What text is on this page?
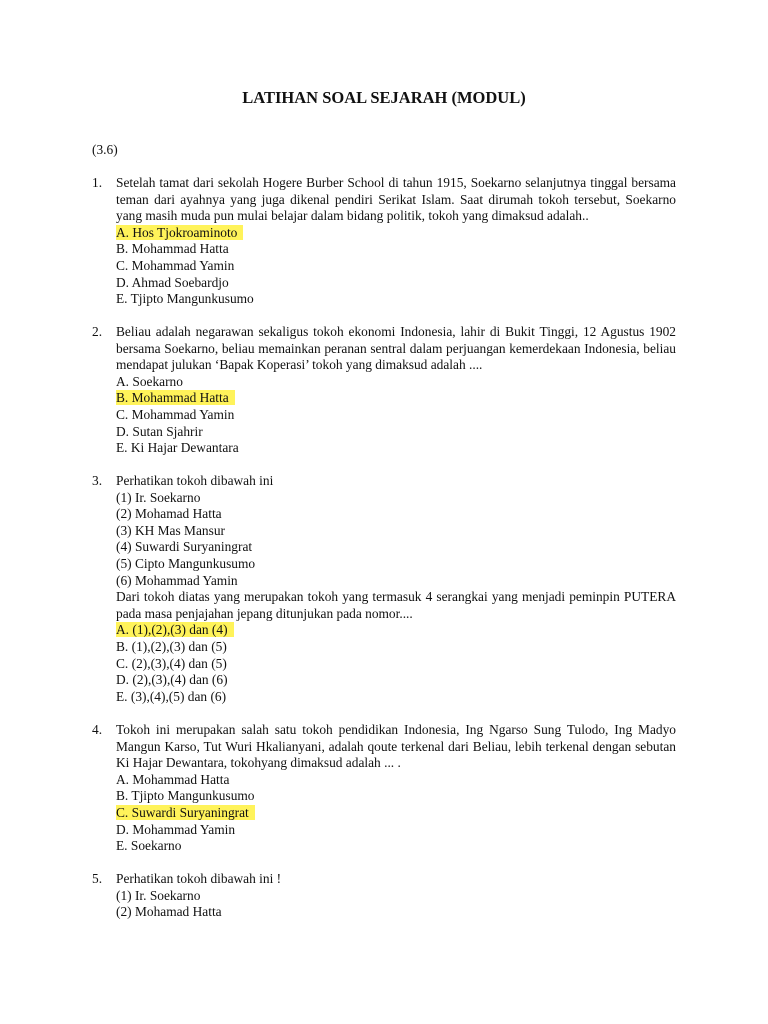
LATIHAN SOAL SEJARAH (MODUL)
(3.6)
1.	Setelah tamat dari sekolah Hogere Burber School di tahun 1915, Soekarno selanjutnya tinggal bersama teman dari ayahnya yang juga dikenal pendiri Serikat Islam. Saat dirumah tokoh tersebut, Soekarno yang masih muda pun mulai belajar dalam bidang politik, tokoh yang dimaksud adalah..
A. Hos Tjokroaminoto
B. Mohammad Hatta
C. Mohammad Yamin
D. Ahmad Soebardjo
E. Tjipto Mangunkusumo
2.	Beliau adalah negarawan sekaligus tokoh ekonomi Indonesia, lahir di Bukit Tinggi, 12 Agustus 1902 bersama Soekarno, beliau memainkan peranan sentral dalam perjuangan kemerdekaan Indonesia, beliau mendapat julukan ‘Bapak Koperasi’ tokoh yang dimaksud adalah ....
A. Soekarno
B. Mohammad Hatta
C. Mohammad Yamin
D. Sutan Sjahrir
E. Ki Hajar Dewantara
3.	Perhatikan tokoh dibawah ini
(1) Ir. Soekarno
(2) Mohamad Hatta
(3) KH Mas Mansur
(4) Suwardi Suryaningrat
(5) Cipto Mangunkusumo
(6) Mohammad Yamin
Dari tokoh diatas yang merupakan tokoh yang termasuk 4 serangkai yang menjadi peminpin PUTERA pada masa penjajahan jepang ditunjukan pada nomor....
A. (1),(2),(3) dan (4)
B. (1),(2),(3) dan (5)
C. (2),(3),(4) dan (5)
D. (2),(3),(4) dan (6)
E. (3),(4),(5) dan (6)
4.	Tokoh ini merupakan salah satu tokoh pendidikan Indonesia, Ing Ngarso Sung Tulodo, Ing Madyo Mangun Karso, Tut Wuri Hkalianyani, adalah qoute terkenal dari Beliau, lebih terkenal dengan sebutan Ki Hajar Dewantara, tokohyang dimaksud adalah ... .
A. Mohammad Hatta
B. Tjipto Mangunkusumo
C. Suwardi Suryaningrat
D. Mohammad Yamin
E. Soekarno
5.	Perhatikan tokoh dibawah ini !
(1) Ir. Soekarno
(2) Mohamad Hatta
